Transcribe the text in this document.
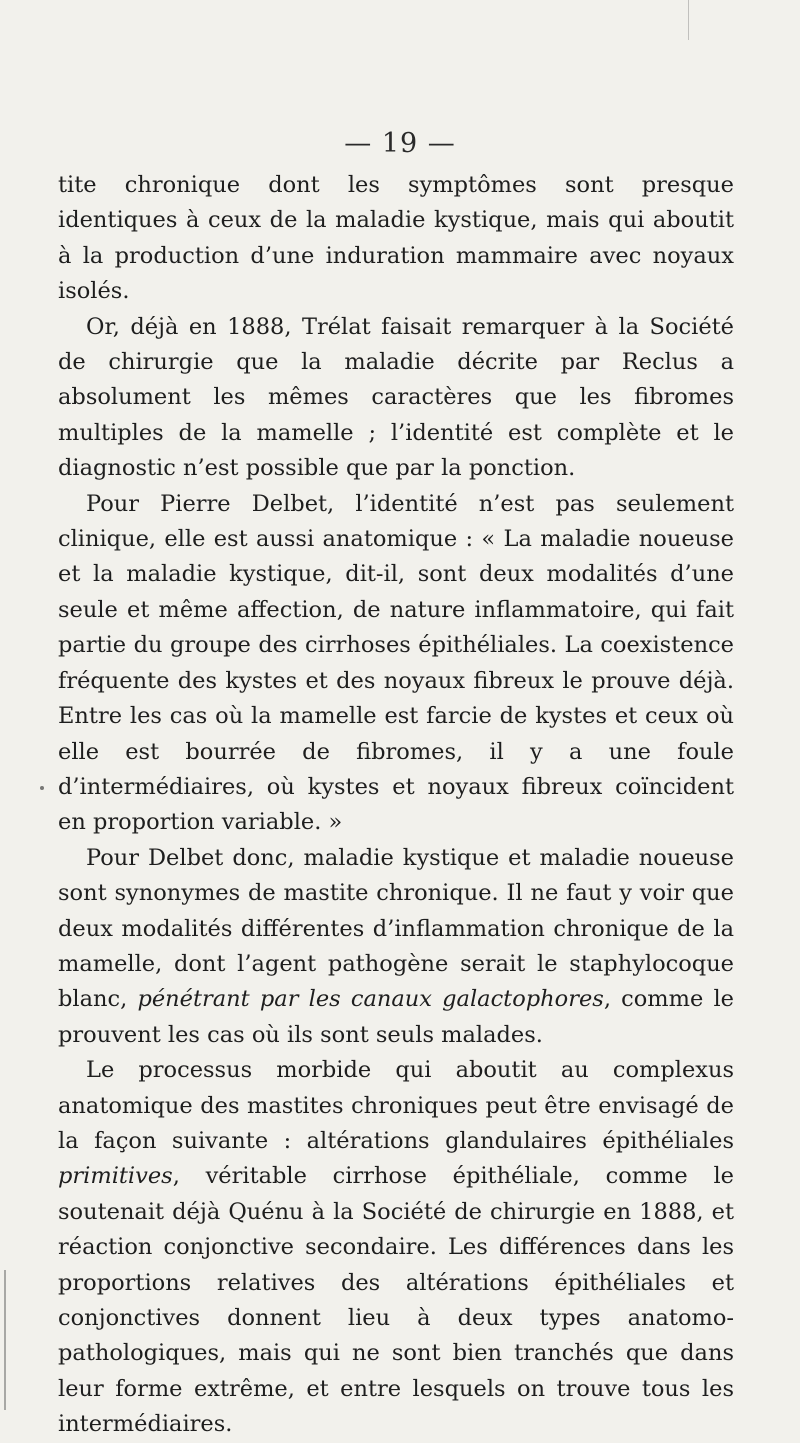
— 19 —

tite chronique dont les symptômes sont presque identiques à ceux de la maladie kystique, mais qui aboutit à la production d’une induration mammaire avec noyaux isolés.

Or, déjà en 1888, Trélat faisait remarquer à la Société de chirurgie que la maladie décrite par Reclus a absolument les mêmes caractères que les fibromes multiples de la mamelle ; l’identité est complète et le diagnostic n’est possible que par la ponction.

Pour Pierre Delbet, l’identité n’est pas seulement clinique, elle est aussi anatomique : « La maladie noueuse et la maladie kystique, dit-il, sont deux modalités d’une seule et même affection, de nature inflammatoire, qui fait partie du groupe des cirrhoses épithéliales. La coexistence fréquente des kystes et des noyaux fibreux le prouve déjà. Entre les cas où la mamelle est farcie de kystes et ceux où elle est bourrée de fibromes, il y a une foule d’intermédiaires, où kystes et noyaux fibreux coïncident en proportion variable. »

Pour Delbet donc, maladie kystique et maladie noueuse sont synonymes de mastite chronique. Il ne faut y voir que deux modalités différentes d’inflammation chronique de la mamelle, dont l’agent pathogène serait le staphylocoque blanc, pénétrant par les canaux galactophores, comme le prouvent les cas où ils sont seuls malades.

Le processus morbide qui aboutit au complexus anatomique des mastites chroniques peut être envisagé de la façon suivante : altérations glandulaires épithéliales primitives, véritable cirrhose épithéliale, comme le soutenait déjà Quénu à la Société de chirurgie en 1888, et réaction conjonctive secondaire. Les différences dans les proportions relatives des altérations épithéliales et conjonctives donnent lieu à deux types anatomo-pathologiques, mais qui ne sont bien tranchés que dans leur forme extrême, et entre lesquels on trouve tous les intermédiaires.
